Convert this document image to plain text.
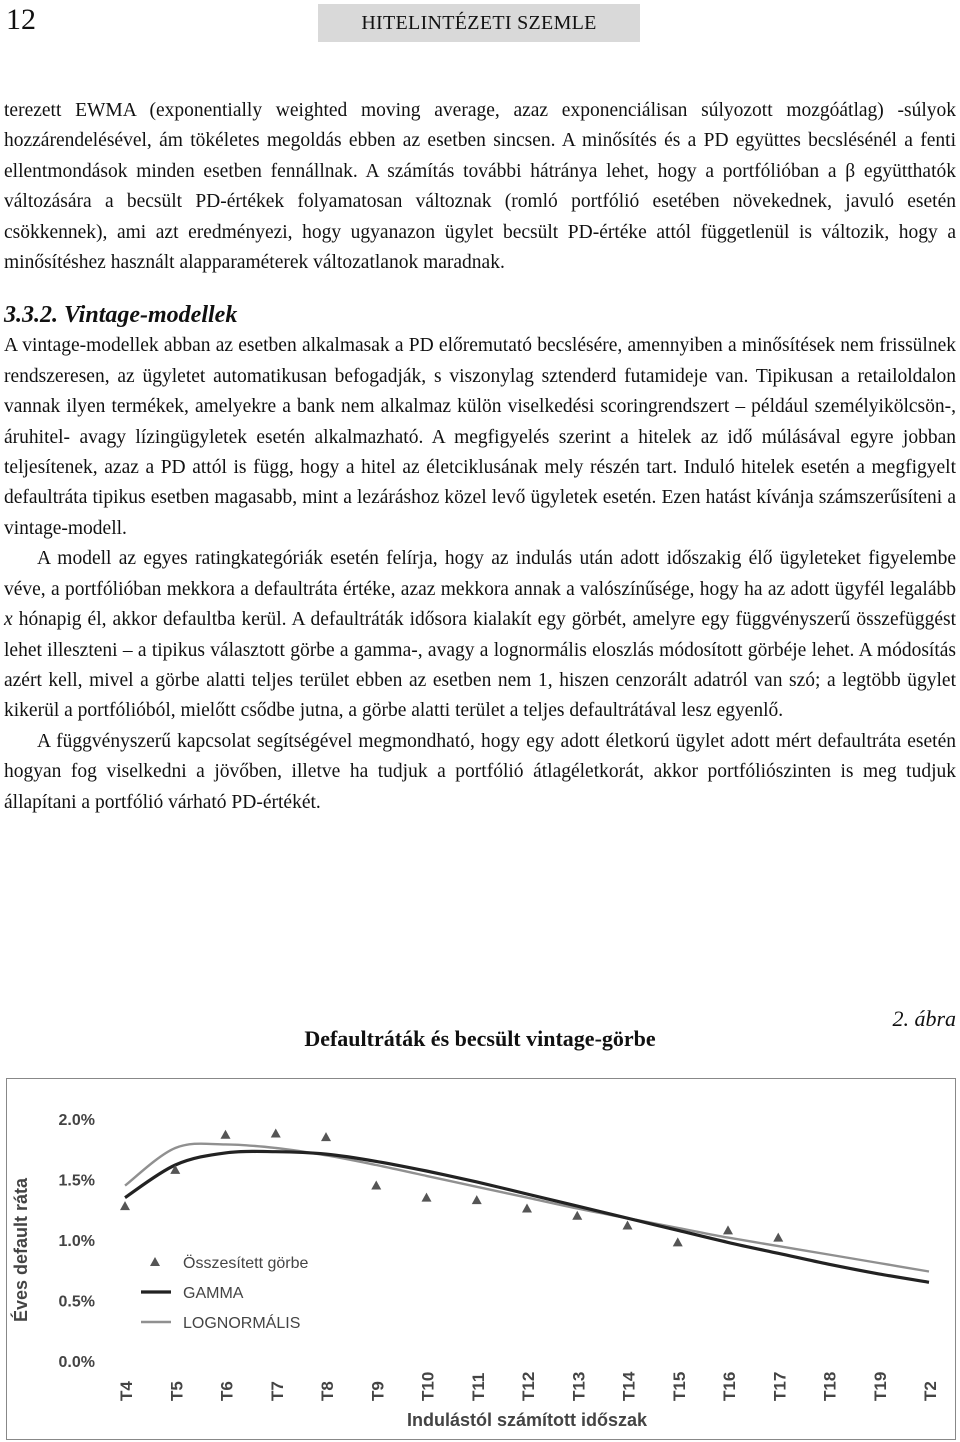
12	HITELINTÉZETI SZEMLE

terezett EWMA (exponentially weighted moving average, azaz exponenciálisan súlyozott mozgóátlag) -súlyok hozzárendelésével, ám tökéletes megoldás ebben az esetben sincsen. A minősítés és a PD együttes becslésénél a fenti ellentmondások minden esetben fennállnak. A számítás további hátránya lehet, hogy a portfólióban a β együtthatók változására a becsült PD-értékek folyamatosan változnak (romló portfólió esetében növekednek, javuló esetén csökkennek), ami azt eredményezi, hogy ugyanazon ügylet becsült PD-értéke attól függetlenül is változik, hogy a minősítéshez használt alapparaméterek változatlanok maradnak.

3.3.2. Vintage-modellek

A vintage-modellek abban az esetben alkalmasak a PD előremutató becslésére, amennyiben a minősítések nem frissülnek rendszeresen, az ügyletet automatikusan befogadják, s viszonylag sztenderd futamideje van. Tipikusan a retailoldalon vannak ilyen termékek, amelyekre a bank nem alkalmaz külön viselkedési scoringrendszert – például személyikölcsön-, áruhitel- avagy lízingügyletek esetén alkalmazható. A megfigyelés szerint a hitelek az idő múlásával egyre jobban teljesítenek, azaz a PD attól is függ, hogy a hitel az életciklusának mely részén tart. Induló hitelek esetén a megfigyelt defaultráta tipikus esetben magasabb, mint a lezáráshoz közel levő ügyletek esetén. Ezen hatást kívánja számszerűsíteni a vintage-modell.

A modell az egyes ratingkategóriák esetén felírja, hogy az indulás után adott időszakig élő ügyleteket figyelembe véve, a portfólióban mekkora a defaultráta értéke, azaz mekkora annak a valószínűsége, hogy ha az adott ügyfél legalább x hónapig él, akkor defaultba kerül. A defaultráták idősora kialakít egy görbét, amelyre egy függvényszerű összefüggést lehet illeszteni – a tipikus választott görbe a gamma-, avagy a lognormális eloszlás módosított görbéje lehet. A módosítás azért kell, mivel a görbe alatti teljes terület ebben az esetben nem 1, hiszen cenzorált adatról van szó; a legtöbb ügylet kikerül a portfólióból, mielőtt csődbe jutna, a görbe alatti terület a teljes defaultrátával lesz egyenlő.

A függvényszerű kapcsolat segítségével megmondható, hogy egy adott életkorú ügylet adott mért defaultráta esetén hogyan fog viselkedni a jövőben, illetve ha tudjuk a portfólió átlagéletkorát, akkor portfóliószinten is meg tudjuk állapítani a portfólió várható PD-értékét.

2. ábra
Defaultráták és becsült vintage-görbe
0.0%
0.5%
1.0%
1.5%
2.0%
Éves default ráta
T4 T5 T6 T7 T8 T9 T10 T11 T12 T13 T14 T15 T16 T17 T18 T19 T2
Indulástól számított időszak
Összesített görbe
GAMMA
LOGNORMÁLIS
